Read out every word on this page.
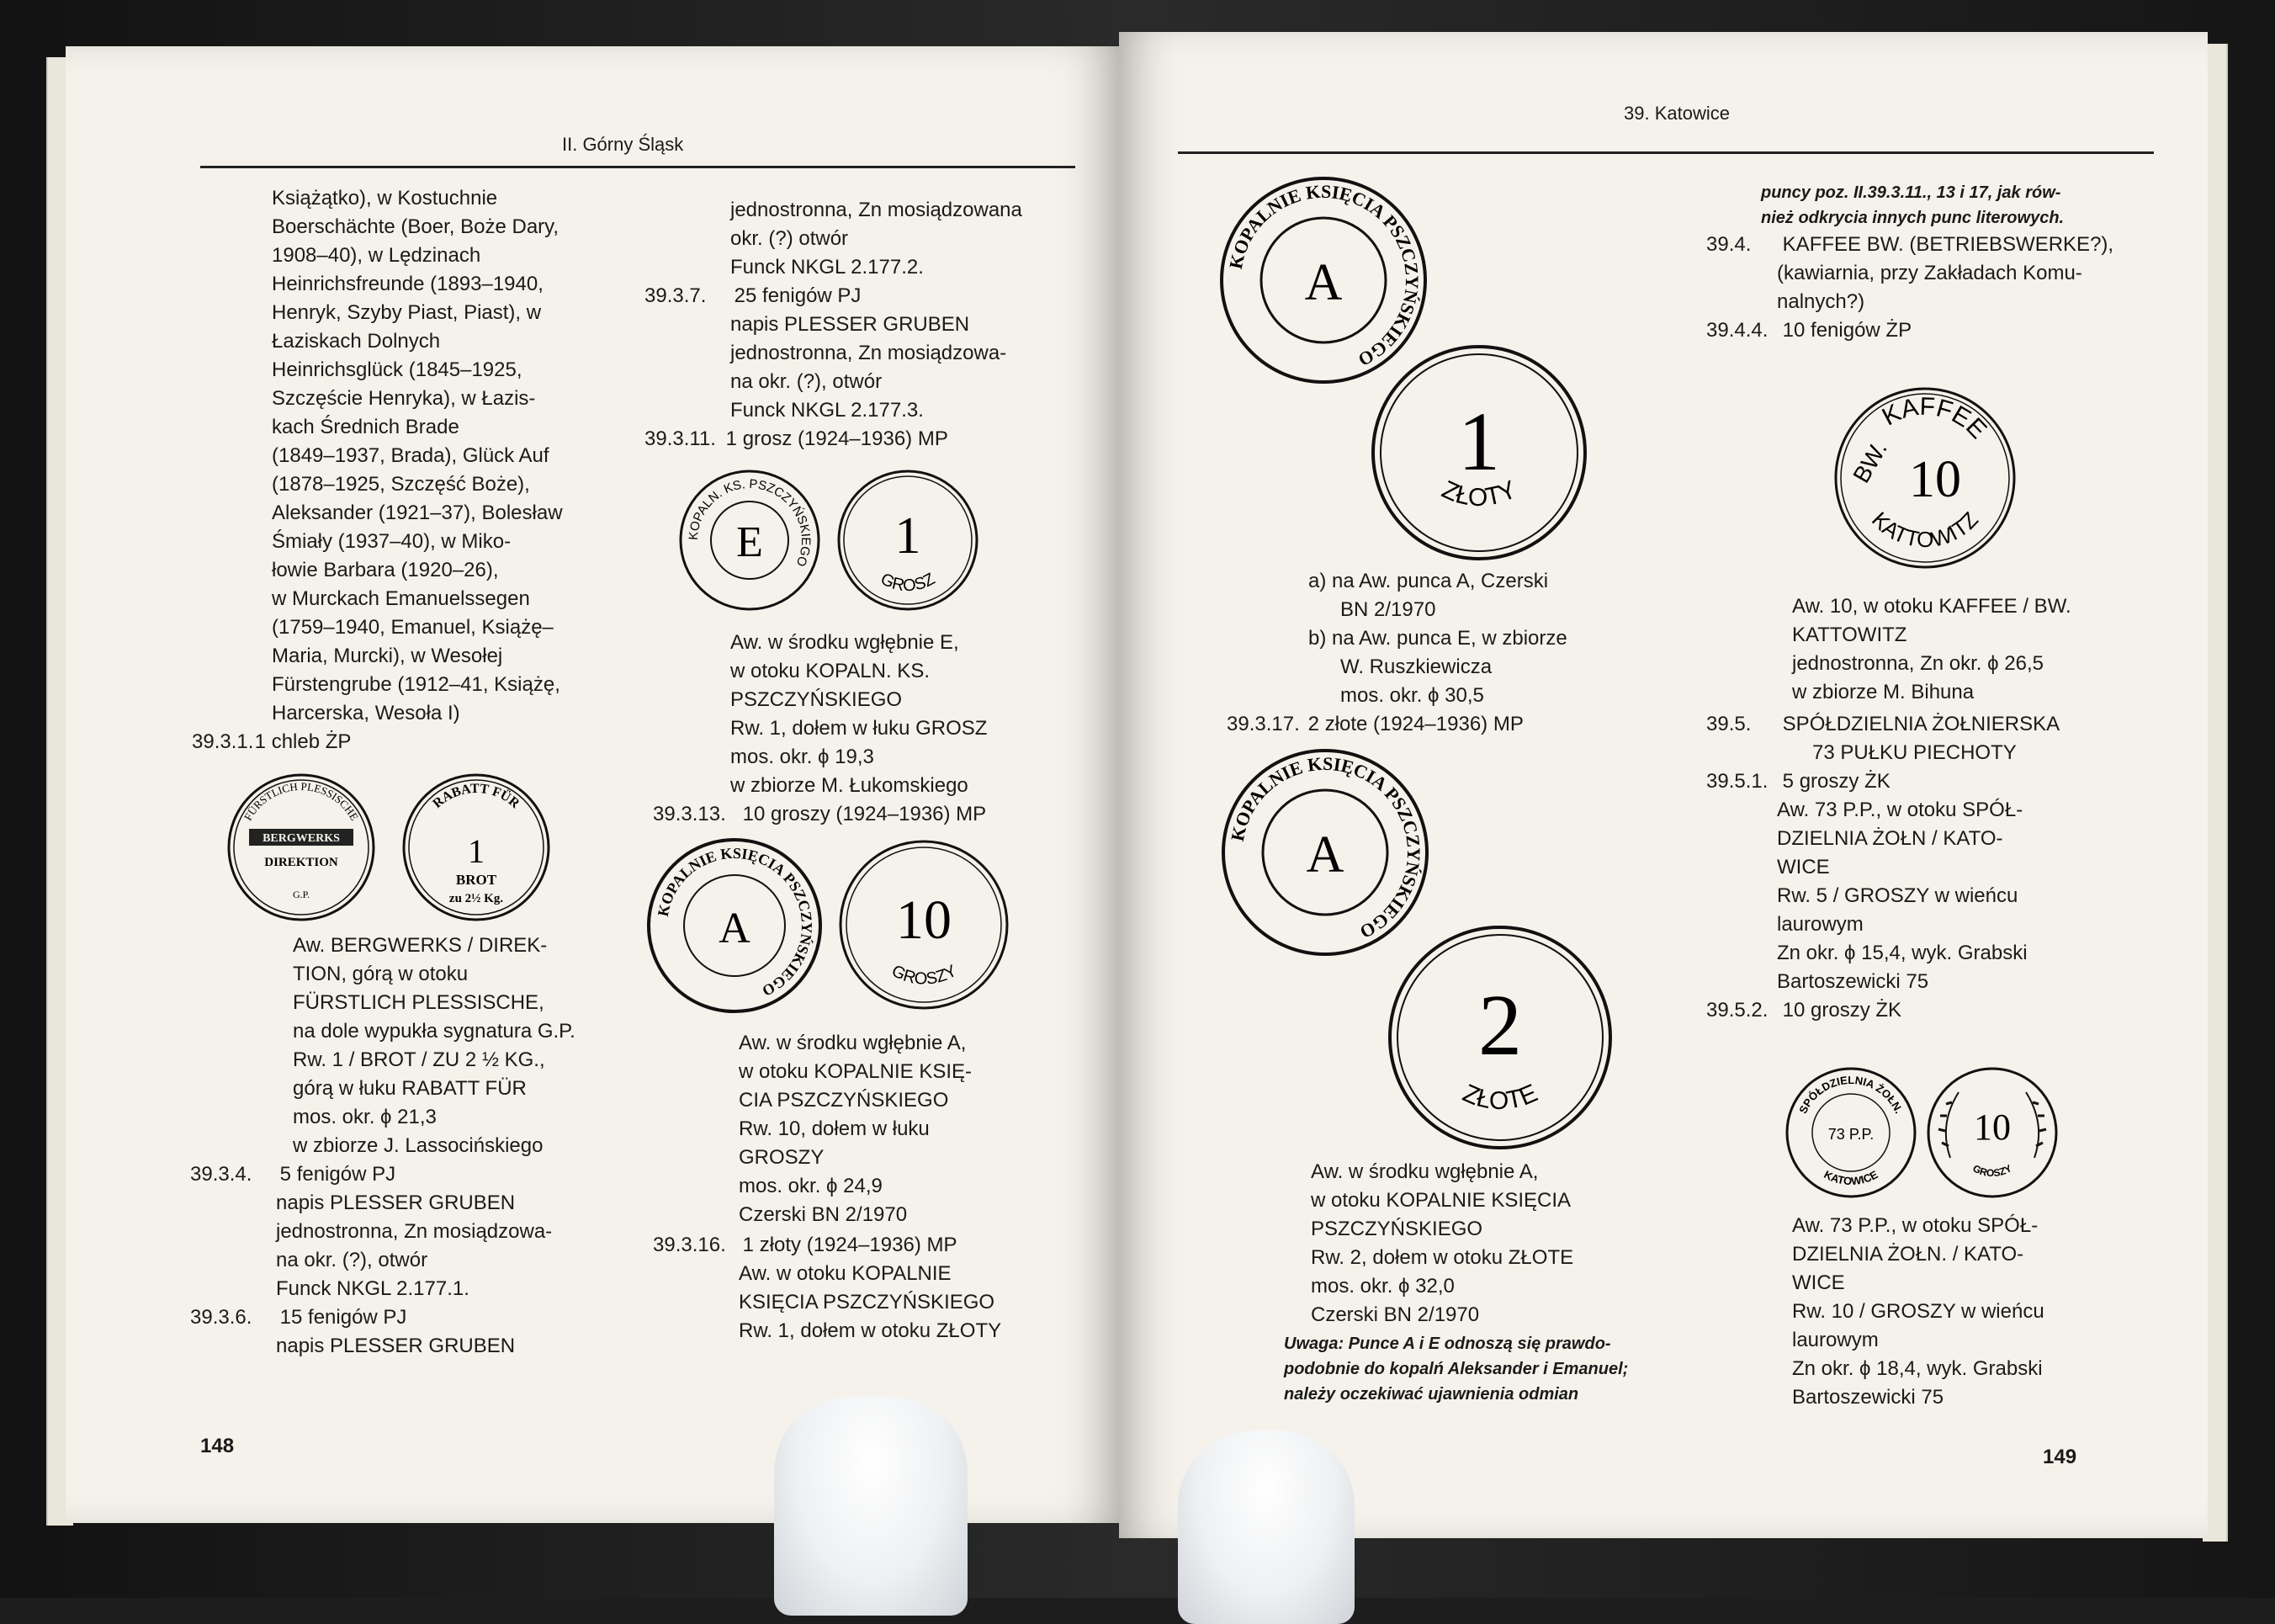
II. Górny Śląsk
Książątko), w Kostuchnie
Boerschächte (Boer, Boże Dary,
1908–40), w Lędzinach
Heinrichsfreunde (1893–1940,
Henryk, Szyby Piast, Piast), w
Łaziskach Dolnych
Heinrichsglück (1845–1925,
Szczęście Henryka), w Łazis-
kach Średnich Brade
(1849–1937, Brada), Glück Auf
(1878–1925, Szczęść Boże),
Aleksander (1921–37), Bolesław
Śmiały (1937–40), w Miko-
łowie Barbara (1920–26),
w Murckach Emanuelssegen
(1759–1940, Emanuel, Książę–
Maria, Murcki), w Wesołej
Fürstengrube (1912–41, Książę,
Harcerska, Wesoła I)
39.3.1. 1 chleb ŻP
FÜRSTLICH PLESSISCHE
BERGWERKS
DIREKTION
G.P.
RABATT FÜR
1
BROT
zu 2½ Kg.
Aw. BERGWERKS / DIREK-
TION, górą w otoku
FÜRSTLICH PLESSISCHE,
na dole wypukła sygnatura G.P.
Rw. 1 / BROT / ZU 2 ½ KG.,
górą w łuku RABATT FÜR
mos. okr. ϕ 21,3
w zbiorze J. Lassocińskiego
39.3.4. 5 fenigów PJ
napis PLESSER GRUBEN
jednostronna, Zn mosiądzowa-
na okr. (?), otwór
Funck NKGL 2.177.1.
39.3.6. 15 fenigów PJ
napis PLESSER GRUBEN
jednostronna, Zn mosiądzowana
okr. (?) otwór
Funck NKGL 2.177.2.
39.3.7. 25 fenigów PJ
napis PLESSER GRUBEN
jednostronna, Zn mosiądzowa-
na okr. (?), otwór
Funck NKGL 2.177.3.
39.3.11. 1 grosz (1924–1936) MP
KOPALN. KS. PSZCZYŃSKIEGO
E	1
GROSZ
Aw. w środku wgłębnie E,
w otoku KOPALN. KS.
PSZCZYŃSKIEGO
Rw. 1, dołem w łuku GROSZ
mos. okr. ϕ 19,3
w zbiorze M. Łukomskiego
39.3.13. 10 groszy (1924–1936) MP
KOPALNIE KSIĘCIA PSZCZYŃSKIEGO
A	10
GROSZY
Aw. w środku wgłębnie A,
w otoku KOPALNIE KSIĘ-
CIA PSZCZYŃSKIEGO
Rw. 10, dołem w łuku
GROSZY
mos. okr. ϕ 24,9
Czerski BN 2/1970
39.3.16. 1 złoty (1924–1936) MP
Aw. w otoku KOPALNIE
KSIĘCIA PSZCZYŃSKIEGO
Rw. 1, dołem w otoku ZŁOTY
148
39. Katowice
KOPALNIE KSIĘCIA PSZCZYŃSKIEGO
A
1
ZŁOTY
a) na Aw. punca A, Czerski
BN 2/1970
b) na Aw. punca E, w zbiorze
W. Ruszkiewicza
mos. okr. ϕ 30,5
39.3.17. 2 złote (1924–1936) MP
KOPALNIE KSIĘCIA PSZCZYŃSKIEGO
A
2
ZŁOTE
Aw. w środku wgłębnie A,
w otoku KOPALNIE KSIĘCIA
PSZCZYŃSKIEGO
Rw. 2, dołem w otoku ZŁOTE
mos. okr. ϕ 32,0
Czerski BN 2/1970
Uwaga: Punce A i E odnoszą się prawdo-
podobnie do kopalń Aleksander i Emanuel;
należy oczekiwać ujawnienia odmian
puncy poz. II.39.3.11., 13 i 17, jak rów-
nież odkrycia innych punc literowych.
39.4. KAFFEE BW. (BETRIEBSWERKE?),
(kawiarnia, przy Zakładach Komu-
nalnych?)
39.4.4. 10 fenigów ŻP
KAFFEE
BW. 10
KATTOWITZ
Aw. 10, w otoku KAFFEE / BW.
KATTOWITZ
jednostronna, Zn okr. ϕ 26,5
w zbiorze M. Bihuna
39.5. SPÓŁDZIELNIA ŻOŁNIERSKA
73 PUŁKU PIECHOTY
39.5.1. 5 groszy ŻK
Aw. 73 P.P., w otoku SPÓŁ-
DZIELNIA ŻOŁN / KATO-
WICE
Rw. 5 / GROSZY w wieńcu
laurowym
Zn okr. ϕ 15,4, wyk. Grabski
Bartoszewicki 75
39.5.2. 10 groszy ŻK
SPÓŁDZIELNIA ŻOŁN.
73 P.P.
KATOWICE
10
GROSZY
Aw. 73 P.P., w otoku SPÓŁ-
DZIELNIA ŻOŁN. / KATO-
WICE
Rw. 10 / GROSZY w wieńcu
laurowym
Zn okr. ϕ 18,4, wyk. Grabski
Bartoszewicki 75
149
